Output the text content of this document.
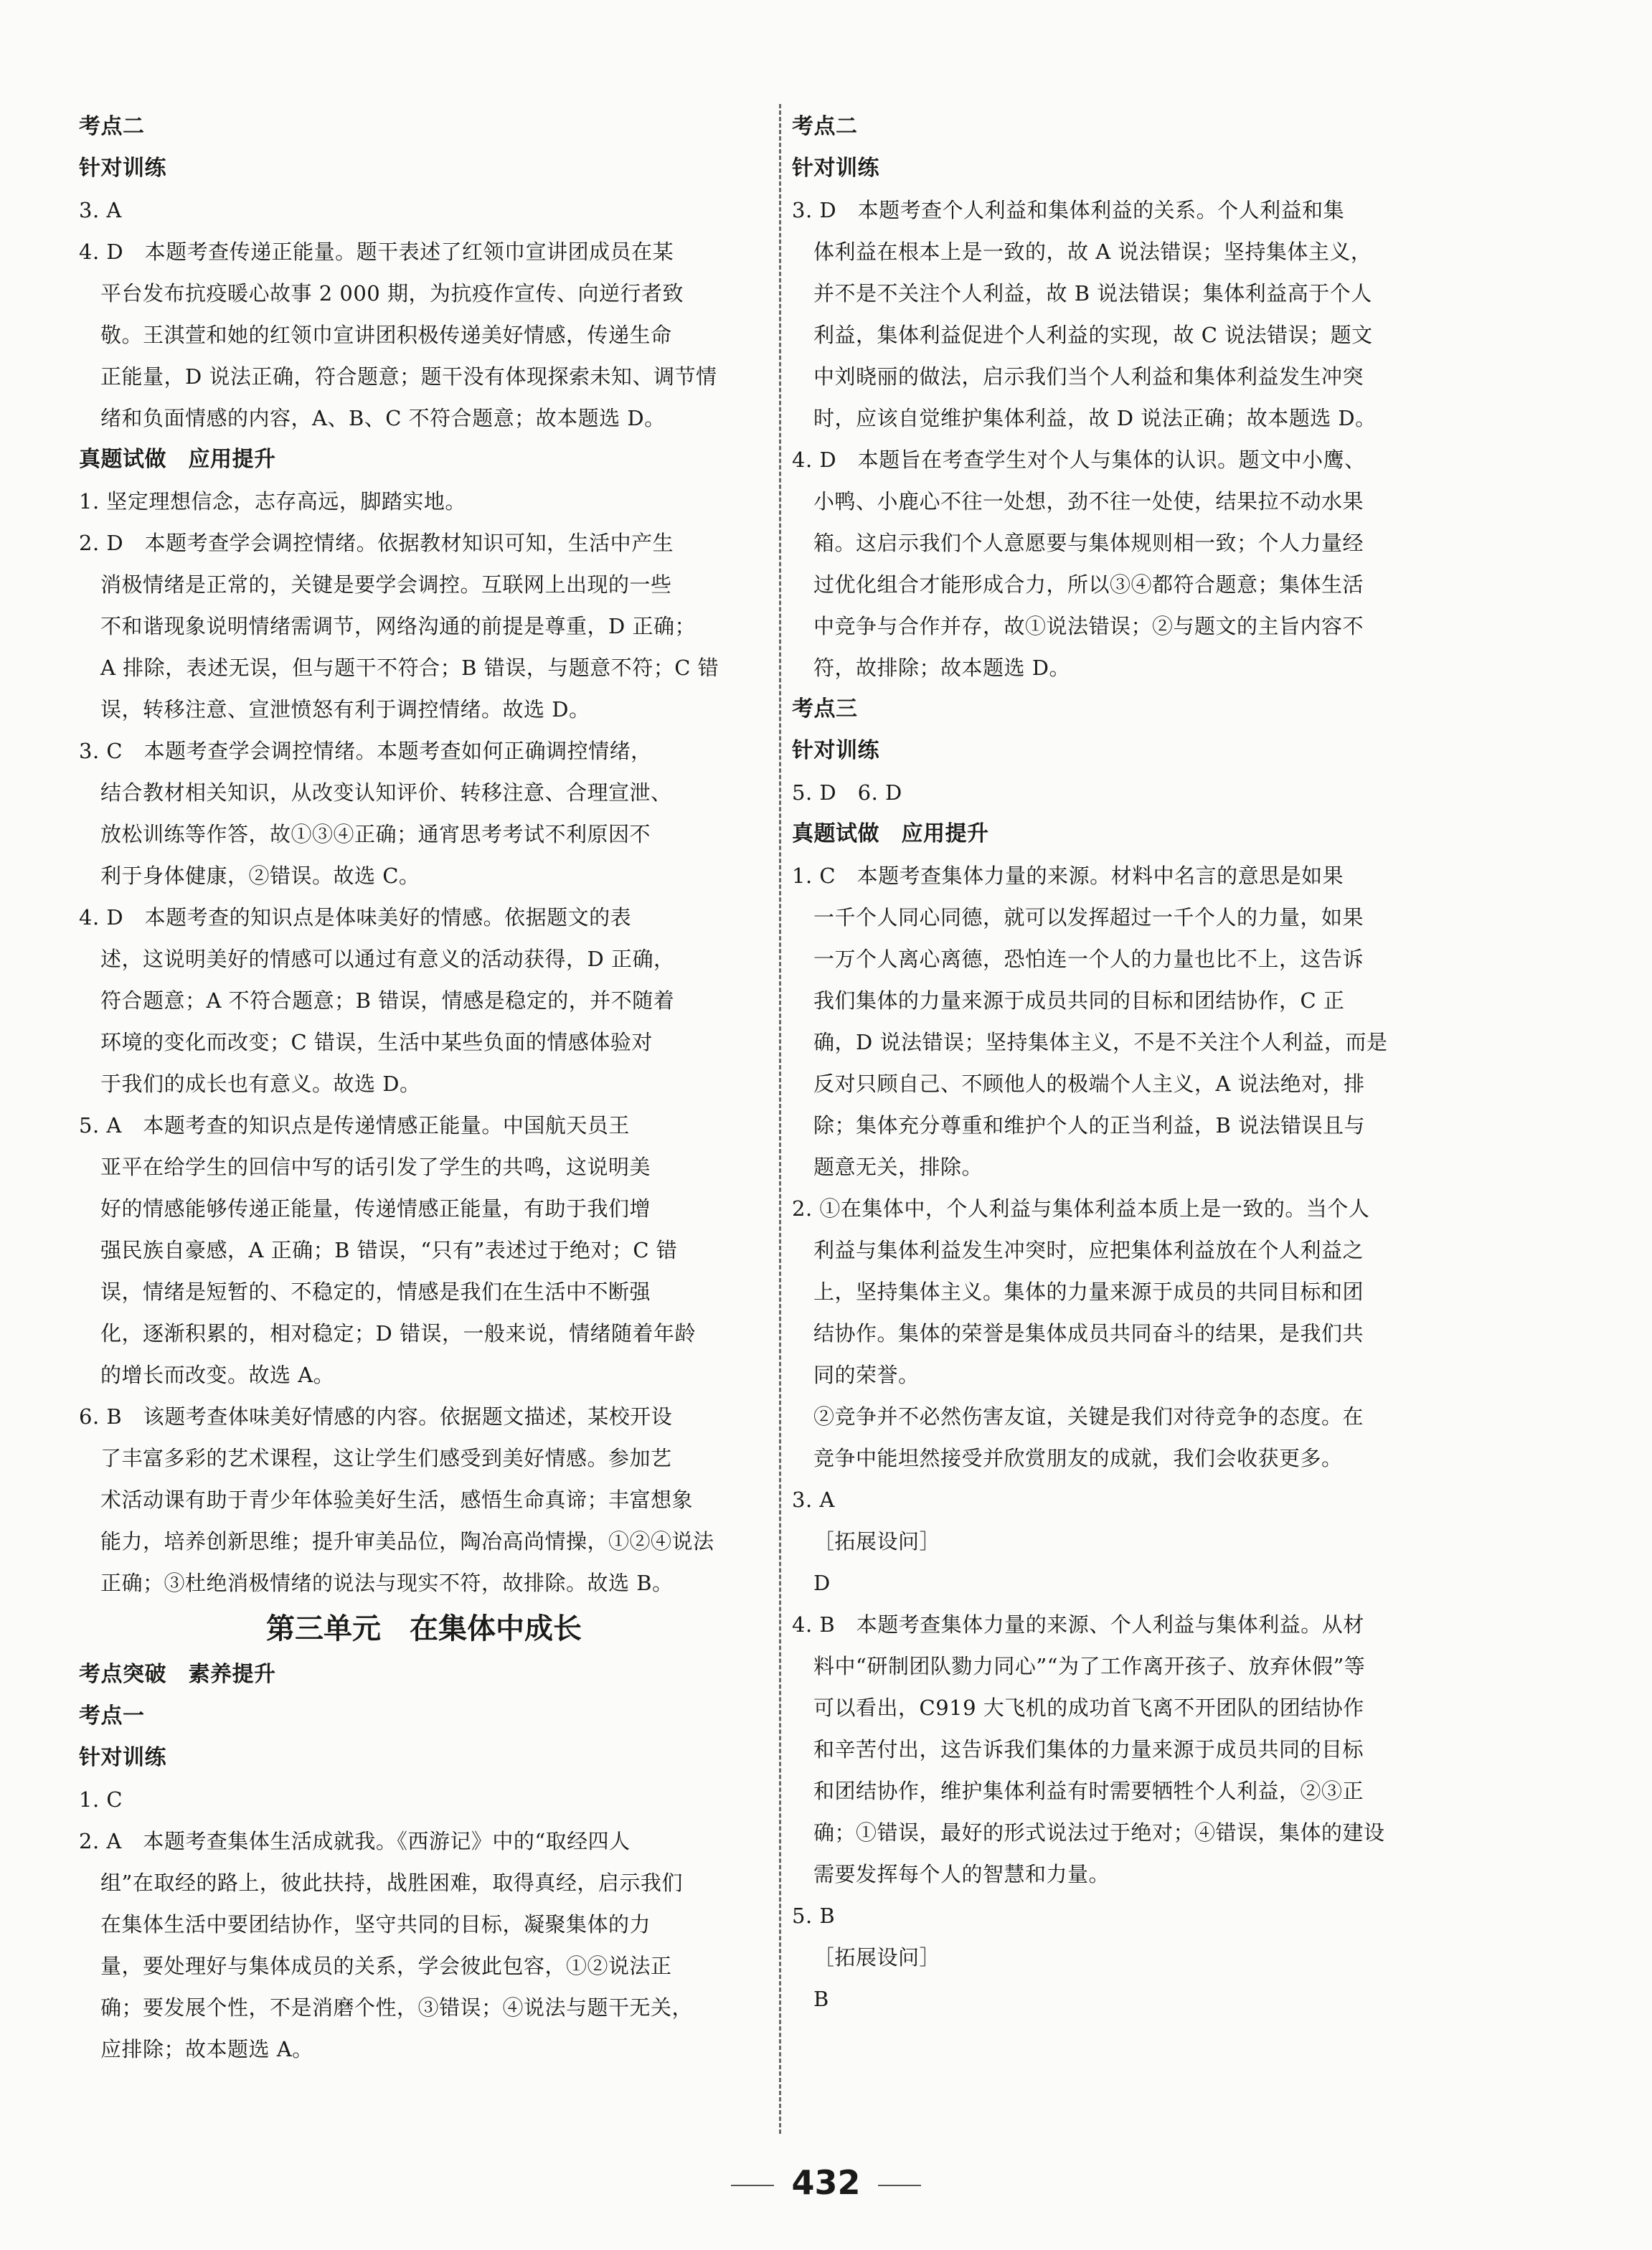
考点二
针对训练
3. A
4. D　本题考查传递正能量。题干表述了红领巾宣讲团成员在某
平台发布抗疫暖心故事 2 000 期，为抗疫作宣传、向逆行者致
敬。王淇萱和她的红领巾宣讲团积极传递美好情感，传递生命
正能量，D 说法正确，符合题意；题干没有体现探索未知、调节情
绪和负面情感的内容，A、B、C 不符合题意；故本题选 D。
真题试做　应用提升
1. 坚定理想信念，志存高远，脚踏实地。
2. D　本题考查学会调控情绪。依据教材知识可知，生活中产生
消极情绪是正常的，关键是要学会调控。互联网上出现的一些
不和谐现象说明情绪需调节，网络沟通的前提是尊重，D 正确；
A 排除，表述无误，但与题干不符合；B 错误，与题意不符；C 错
误，转移注意、宣泄愤怒有利于调控情绪。故选 D。
3. C　本题考查学会调控情绪。本题考查如何正确调控情绪，
结合教材相关知识，从改变认知评价、转移注意、合理宣泄、
放松训练等作答，故①③④正确；通宵思考考试不利原因不
利于身体健康，②错误。故选 C。
4. D　本题考查的知识点是体味美好的情感。依据题文的表
述，这说明美好的情感可以通过有意义的活动获得，D 正确，
符合题意；A 不符合题意；B 错误，情感是稳定的，并不随着
环境的变化而改变；C 错误，生活中某些负面的情感体验对
于我们的成长也有意义。故选 D。
5. A　本题考查的知识点是传递情感正能量。中国航天员王
亚平在给学生的回信中写的话引发了学生的共鸣，这说明美
好的情感能够传递正能量，传递情感正能量，有助于我们增
强民族自豪感，A 正确；B 错误，“只有”表述过于绝对；C 错
误，情绪是短暂的、不稳定的，情感是我们在生活中不断强
化，逐渐积累的，相对稳定；D 错误，一般来说，情绪随着年龄
的增长而改变。故选 A。
6. B　该题考查体味美好情感的内容。依据题文描述，某校开设
了丰富多彩的艺术课程，这让学生们感受到美好情感。参加艺
术活动课有助于青少年体验美好生活，感悟生命真谛；丰富想象
能力，培养创新思维；提升审美品位，陶冶高尚情操，①②④说法
正确；③杜绝消极情绪的说法与现实不符，故排除。故选 B。
第三单元　在集体中成长
考点突破　素养提升
考点一
针对训练
1. C
2. A　本题考查集体生活成就我。《西游记》中的“取经四人
组”在取经的路上，彼此扶持，战胜困难，取得真经，启示我们
在集体生活中要团结协作，坚守共同的目标，凝聚集体的力
量，要处理好与集体成员的关系，学会彼此包容，①②说法正
确；要发展个性，不是消磨个性，③错误；④说法与题干无关，
应排除；故本题选 A。
考点二
针对训练
3. D　本题考查个人利益和集体利益的关系。个人利益和集
体利益在根本上是一致的，故 A 说法错误；坚持集体主义，
并不是不关注个人利益，故 B 说法错误；集体利益高于个人
利益，集体利益促进个人利益的实现，故 C 说法错误；题文
中刘晓丽的做法，启示我们当个人利益和集体利益发生冲突
时，应该自觉维护集体利益，故 D 说法正确；故本题选 D。
4. D　本题旨在考查学生对个人与集体的认识。题文中小鹰、
小鸭、小鹿心不往一处想，劲不往一处使，结果拉不动水果
箱。这启示我们个人意愿要与集体规则相一致；个人力量经
过优化组合才能形成合力，所以③④都符合题意；集体生活
中竞争与合作并存，故①说法错误；②与题文的主旨内容不
符，故排除；故本题选 D。
考点三
针对训练
5. D　6. D
真题试做　应用提升
1. C　本题考查集体力量的来源。材料中名言的意思是如果
一千个人同心同德，就可以发挥超过一千个人的力量，如果
一万个人离心离德，恐怕连一个人的力量也比不上，这告诉
我们集体的力量来源于成员共同的目标和团结协作，C 正
确，D 说法错误；坚持集体主义，不是不关注个人利益，而是
反对只顾自己、不顾他人的极端个人主义，A 说法绝对，排
除；集体充分尊重和维护个人的正当利益，B 说法错误且与
题意无关，排除。
2. ①在集体中，个人利益与集体利益本质上是一致的。当个人
利益与集体利益发生冲突时，应把集体利益放在个人利益之
上，坚持集体主义。集体的力量来源于成员的共同目标和团
结协作。集体的荣誉是集体成员共同奋斗的结果，是我们共
同的荣誉。
②竞争并不必然伤害友谊，关键是我们对待竞争的态度。在
竞争中能坦然接受并欣赏朋友的成就，我们会收获更多。
3. A
［拓展设问］
D
4. B　本题考查集体力量的来源、个人利益与集体利益。从材
料中“研制团队勠力同心”“为了工作离开孩子、放弃休假”等
可以看出，C919 大飞机的成功首飞离不开团队的团结协作
和辛苦付出，这告诉我们集体的力量来源于成员共同的目标
和团结协作，维护集体利益有时需要牺牲个人利益，②③正
确；①错误，最好的形式说法过于绝对；④错误，集体的建设
需要发挥每个人的智慧和力量。
5. B
［拓展设问］
B
432
